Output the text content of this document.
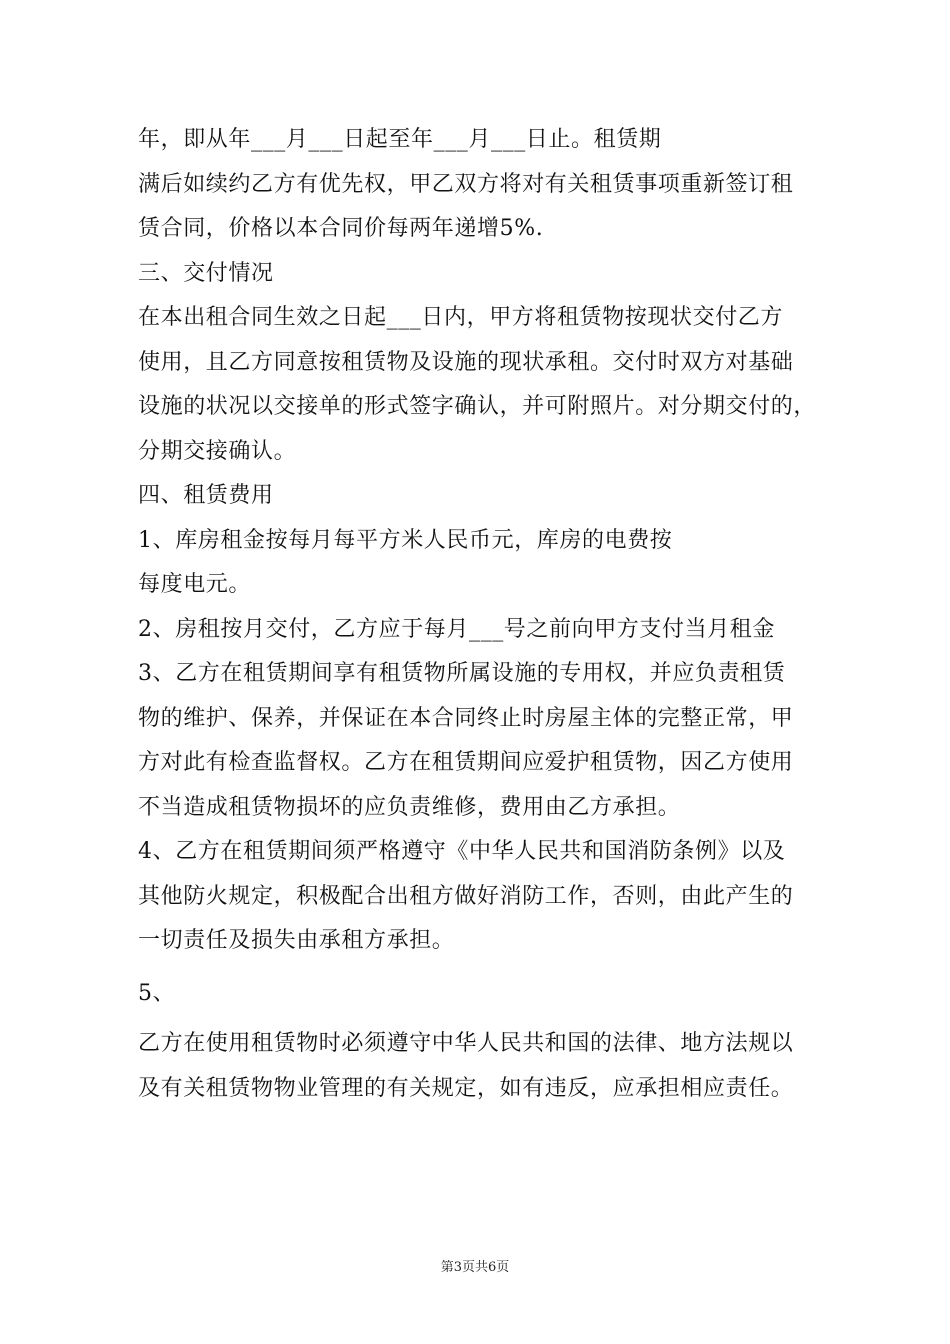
年，即从年___月___日起至年___月___日止。租赁期
满后如续约乙方有优先权，甲乙双方将对有关租赁事项重新签订租
赁合同，价格以本合同价每两年递增5%.
三、交付情况
在本出租合同生效之日起___日内，甲方将租赁物按现状交付乙方
使用，且乙方同意按租赁物及设施的现状承租。交付时双方对基础
设施的状况以交接单的形式签字确认，并可附照片。对分期交付的，
分期交接确认。
四、租赁费用
1、库房租金按每月每平方米人民币元，库房的电费按
每度电元。
2、房租按月交付，乙方应于每月___号之前向甲方支付当月租金
3、乙方在租赁期间享有租赁物所属设施的专用权，并应负责租赁
物的维护、保养，并保证在本合同终止时房屋主体的完整正常，甲
方对此有检查监督权。乙方在租赁期间应爱护租赁物，因乙方使用
不当造成租赁物损坏的应负责维修，费用由乙方承担。
4、乙方在租赁期间须严格遵守《中华人民共和国消防条例》以及
其他防火规定，积极配合出租方做好消防工作，否则，由此产生的
一切责任及损失由承租方承担。
5、
乙方在使用租赁物时必须遵守中华人民共和国的法律、地方法规以
及有关租赁物物业管理的有关规定，如有违反，应承担相应责任。
第3页共6页
